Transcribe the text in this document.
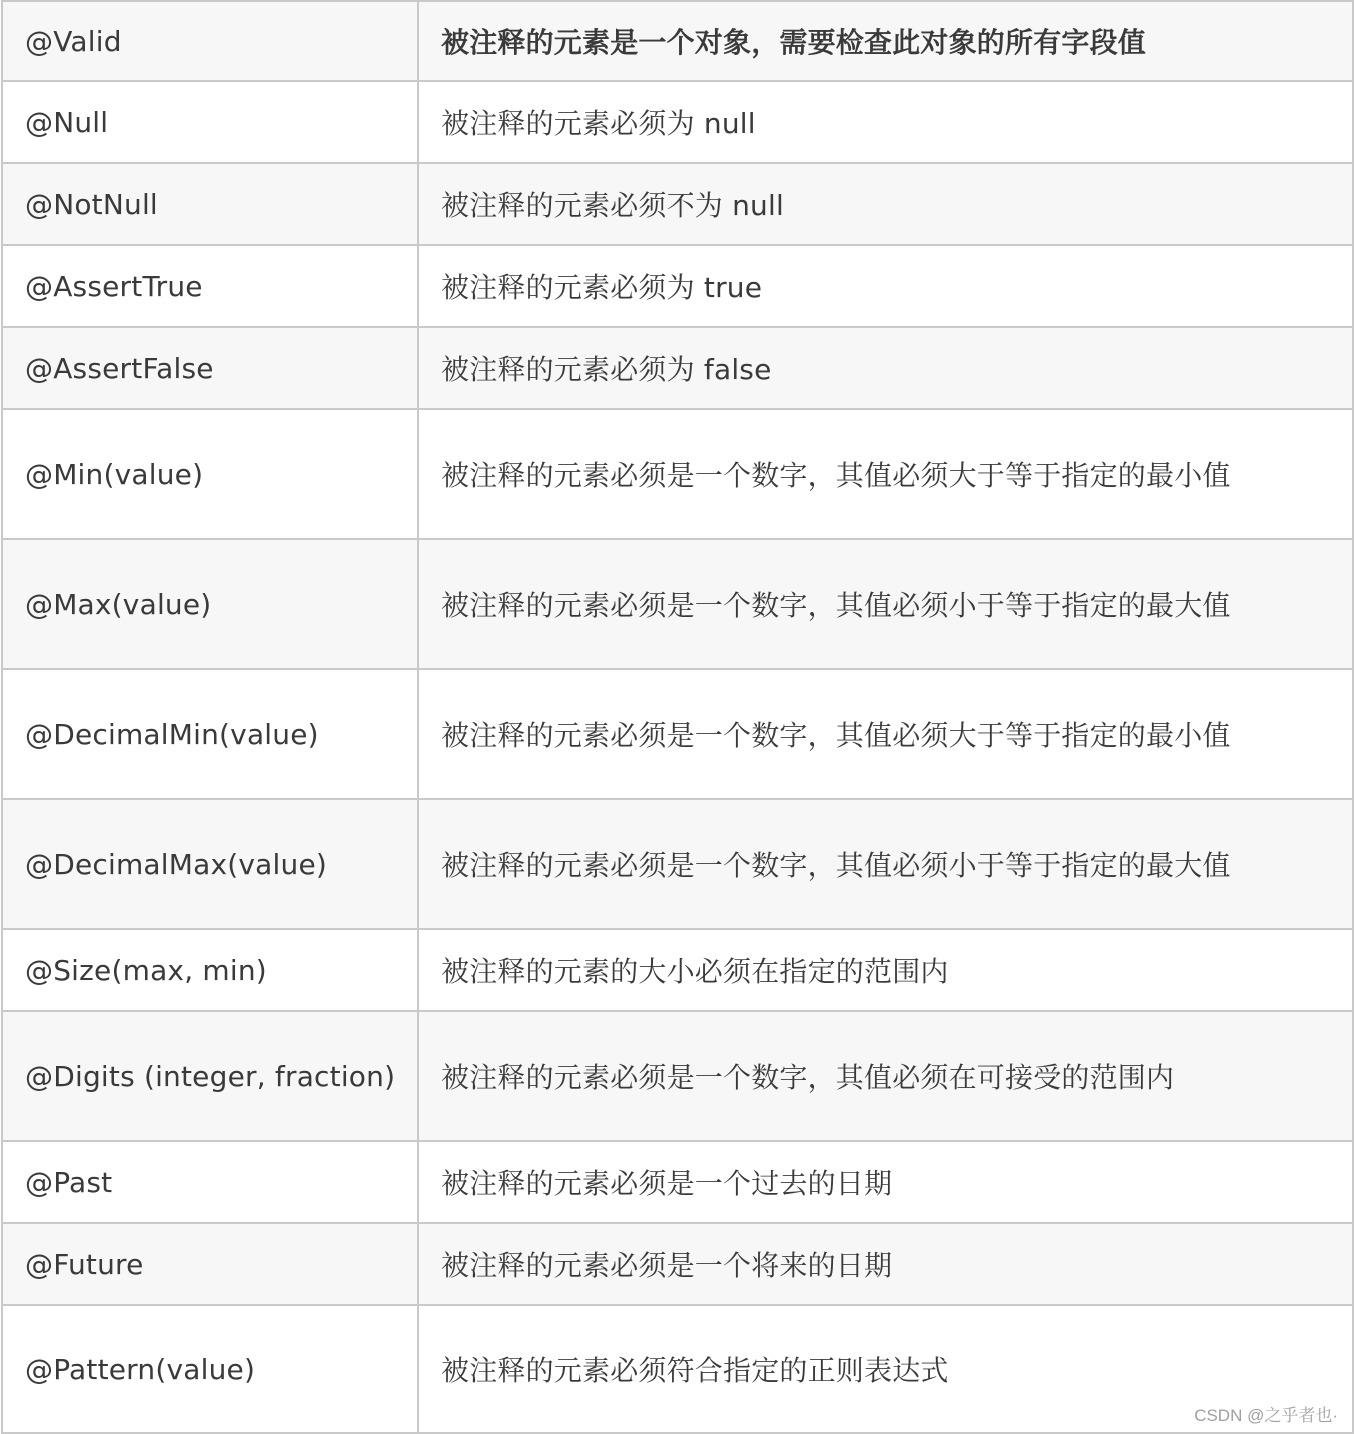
@Valid	被注释的元素是一个对象，需要检查此对象的所有字段值
@Null	被注释的元素必须为 null
@NotNull	被注释的元素必须不为 null
@AssertTrue	被注释的元素必须为 true
@AssertFalse	被注释的元素必须为 false
@Min(value)	被注释的元素必须是一个数字，其值必须大于等于指定的最小值
@Max(value)	被注释的元素必须是一个数字，其值必须小于等于指定的最大值
@DecimalMin(value)	被注释的元素必须是一个数字，其值必须大于等于指定的最小值
@DecimalMax(value)	被注释的元素必须是一个数字，其值必须小于等于指定的最大值
@Size(max, min)	被注释的元素的大小必须在指定的范围内
@Digits (integer, fraction)	被注释的元素必须是一个数字，其值必须在可接受的范围内
@Past	被注释的元素必须是一个过去的日期
@Future	被注释的元素必须是一个将来的日期
@Pattern(value)	被注释的元素必须符合指定的正则表达式
CSDN @之乎者也·
